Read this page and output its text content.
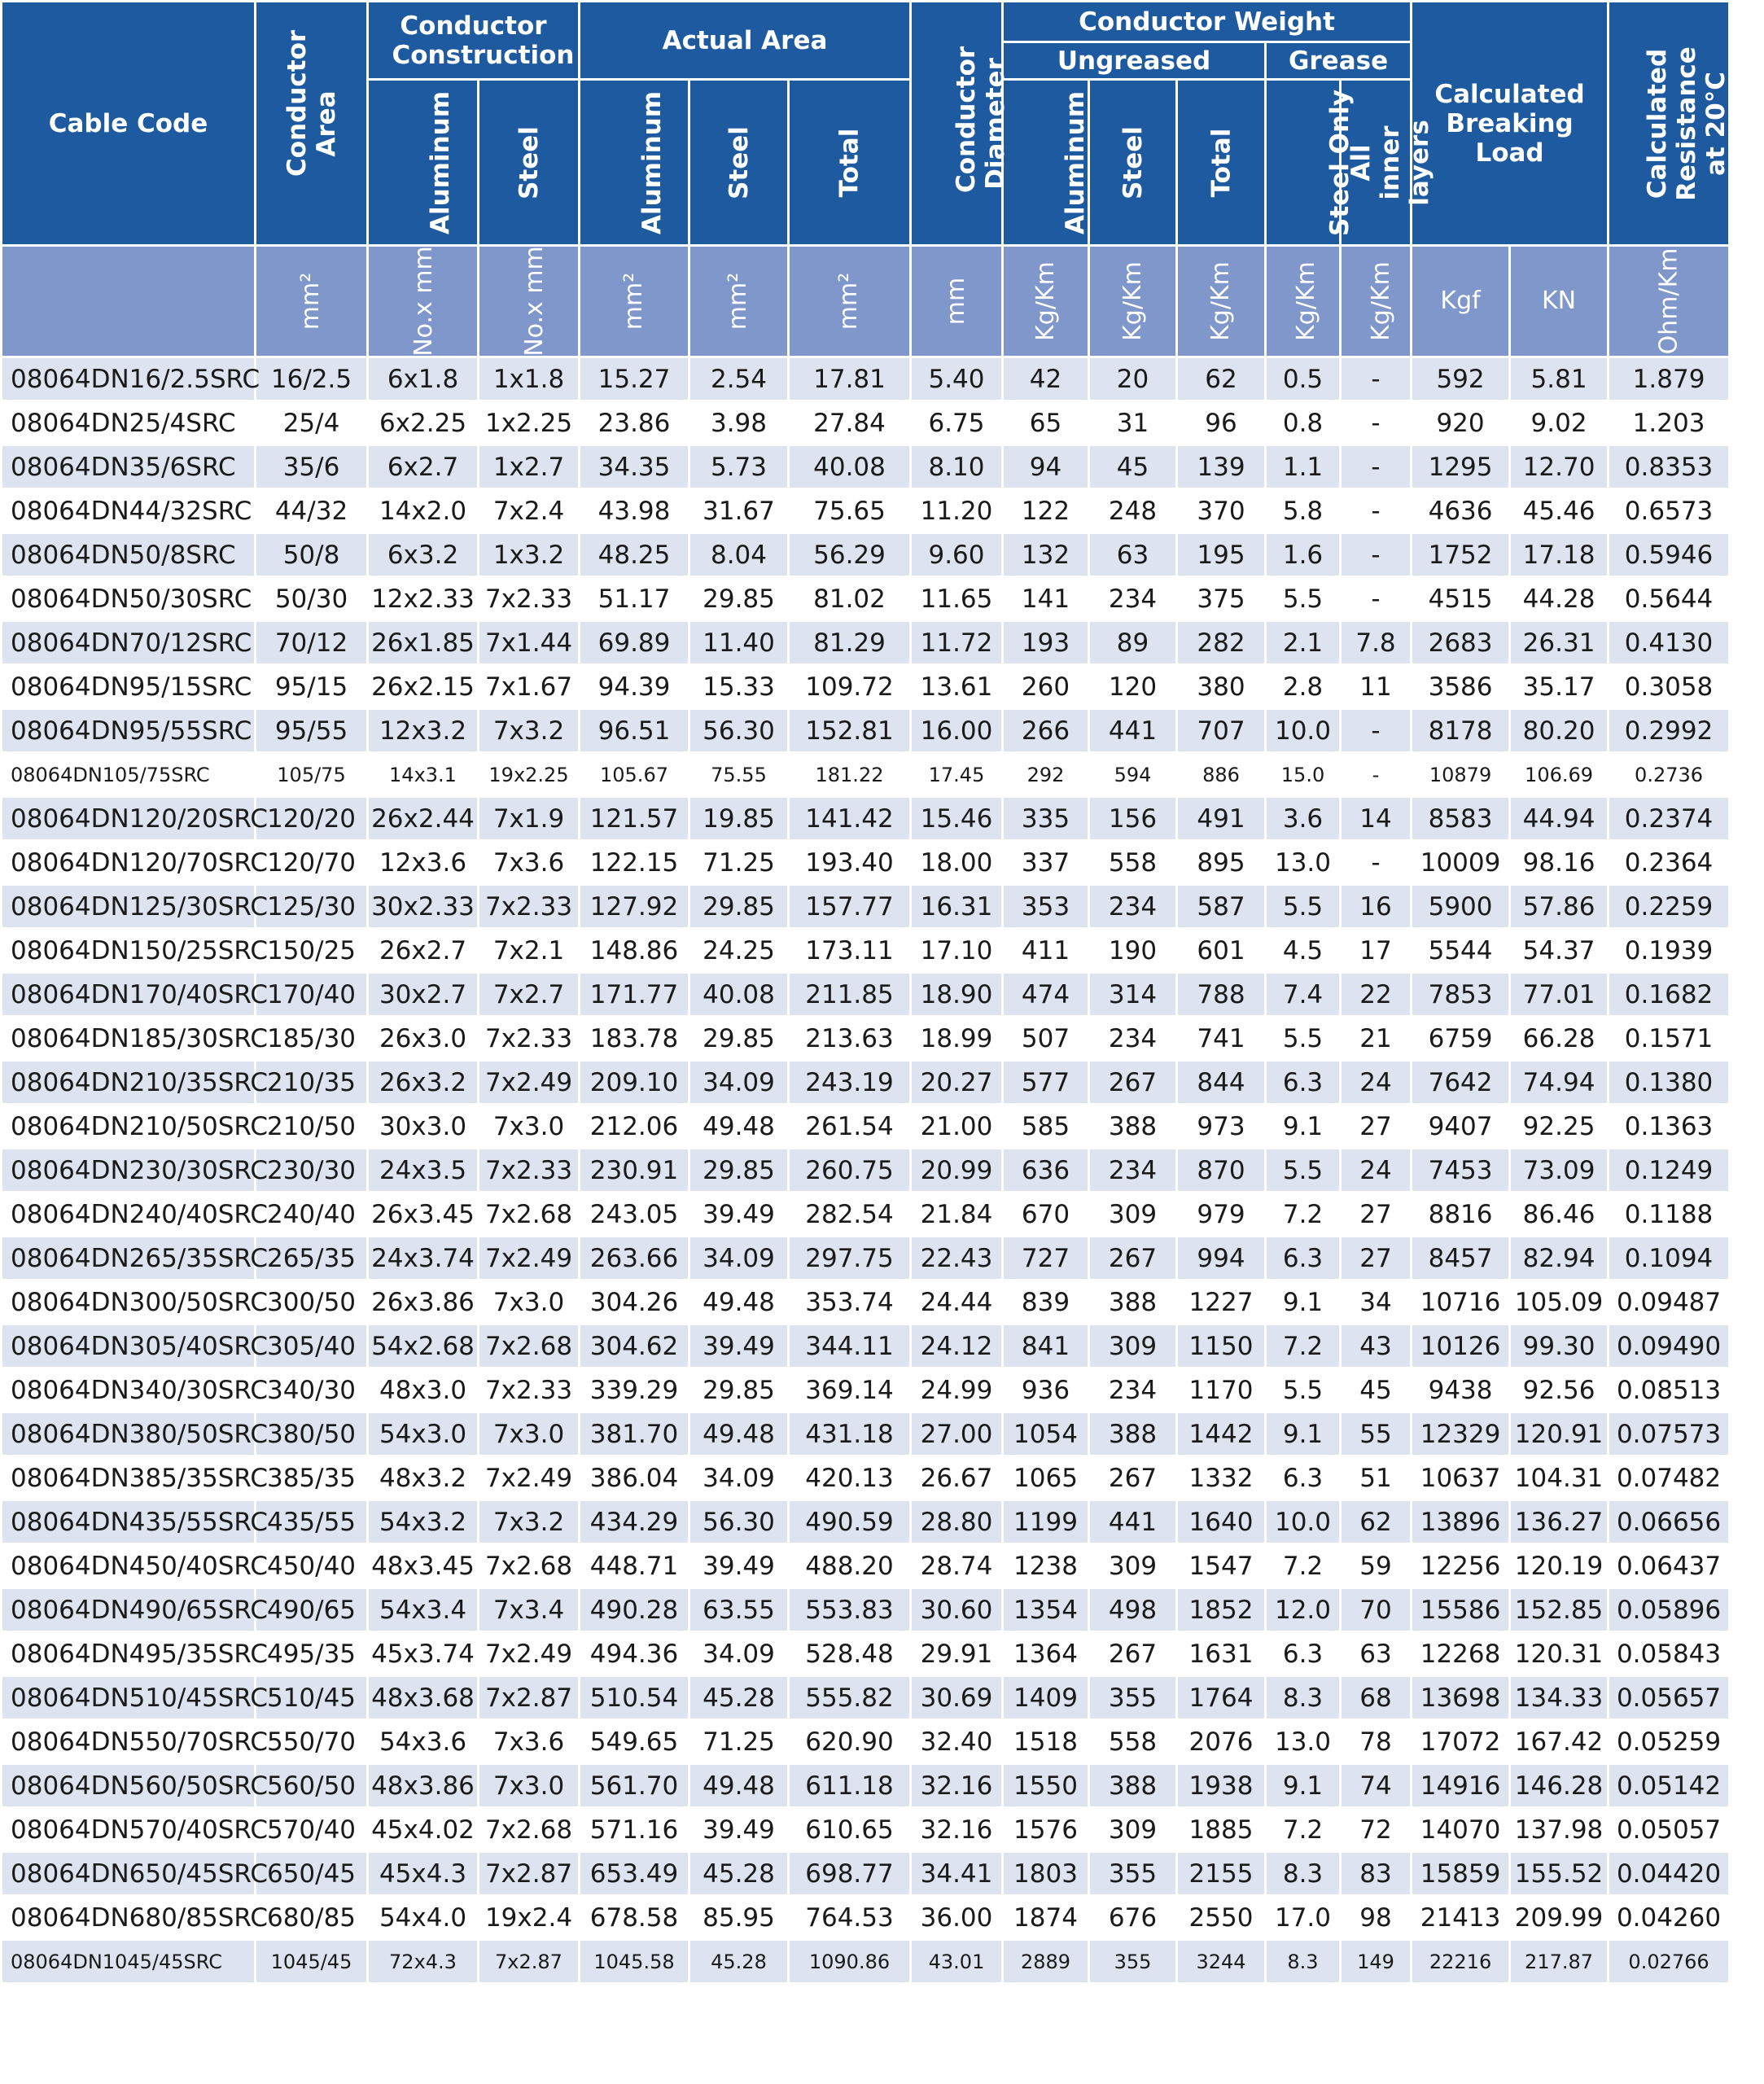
Cable Code	Conductor Area	Conductor Construction		Actual Area			Conductor Diameter	Conductor Weight					Calculated Breaking Load		Calculated Resistance at 20°C
								Ungreased			Grease				
		Aluminum	Steel	Aluminum	Steel	Total		Aluminum	Steel	Total	Steel Only	All inner layers			
	mm²	No.x mm	No.x mm	mm²	mm²	mm²	mm	Kg/Km	Kg/Km	Kg/Km	Kg/Km	Kg/Km	Kgf	KN	Ohm/Km
08064DN16/2.5SRC	16/2.5	6x1.8	1x1.8	15.27	2.54	17.81	5.40	42	20	62	0.5	-	592	5.81	1.879
08064DN25/4SRC	25/4	6x2.25	1x2.25	23.86	3.98	27.84	6.75	65	31	96	0.8	-	920	9.02	1.203
08064DN35/6SRC	35/6	6x2.7	1x2.7	34.35	5.73	40.08	8.10	94	45	139	1.1	-	1295	12.70	0.8353
08064DN44/32SRC	44/32	14x2.0	7x2.4	43.98	31.67	75.65	11.20	122	248	370	5.8	-	4636	45.46	0.6573
08064DN50/8SRC	50/8	6x3.2	1x3.2	48.25	8.04	56.29	9.60	132	63	195	1.6	-	1752	17.18	0.5946
08064DN50/30SRC	50/30	12x2.33	7x2.33	51.17	29.85	81.02	11.65	141	234	375	5.5	-	4515	44.28	0.5644
08064DN70/12SRC	70/12	26x1.85	7x1.44	69.89	11.40	81.29	11.72	193	89	282	2.1	7.8	2683	26.31	0.4130
08064DN95/15SRC	95/15	26x2.15	7x1.67	94.39	15.33	109.72	13.61	260	120	380	2.8	11	3586	35.17	0.3058
08064DN95/55SRC	95/55	12x3.2	7x3.2	96.51	56.30	152.81	16.00	266	441	707	10.0	-	8178	80.20	0.2992
08064DN105/75SRC	105/75	14x3.1	19x2.25	105.67	75.55	181.22	17.45	292	594	886	15.0	-	10879	106.69	0.2736
08064DN120/20SRC	120/20	26x2.44	7x1.9	121.57	19.85	141.42	15.46	335	156	491	3.6	14	8583	44.94	0.2374
08064DN120/70SRC	120/70	12x3.6	7x3.6	122.15	71.25	193.40	18.00	337	558	895	13.0	-	10009	98.16	0.2364
08064DN125/30SRC	125/30	30x2.33	7x2.33	127.92	29.85	157.77	16.31	353	234	587	5.5	16	5900	57.86	0.2259
08064DN150/25SRC	150/25	26x2.7	7x2.1	148.86	24.25	173.11	17.10	411	190	601	4.5	17	5544	54.37	0.1939
08064DN170/40SRC	170/40	30x2.7	7x2.7	171.77	40.08	211.85	18.90	474	314	788	7.4	22	7853	77.01	0.1682
08064DN185/30SRC	185/30	26x3.0	7x2.33	183.78	29.85	213.63	18.99	507	234	741	5.5	21	6759	66.28	0.1571
08064DN210/35SRC	210/35	26x3.2	7x2.49	209.10	34.09	243.19	20.27	577	267	844	6.3	24	7642	74.94	0.1380
08064DN210/50SRC	210/50	30x3.0	7x3.0	212.06	49.48	261.54	21.00	585	388	973	9.1	27	9407	92.25	0.1363
08064DN230/30SRC	230/30	24x3.5	7x2.33	230.91	29.85	260.75	20.99	636	234	870	5.5	24	7453	73.09	0.1249
08064DN240/40SRC	240/40	26x3.45	7x2.68	243.05	39.49	282.54	21.84	670	309	979	7.2	27	8816	86.46	0.1188
08064DN265/35SRC	265/35	24x3.74	7x2.49	263.66	34.09	297.75	22.43	727	267	994	6.3	27	8457	82.94	0.1094
08064DN300/50SRC	300/50	26x3.86	7x3.0	304.26	49.48	353.74	24.44	839	388	1227	9.1	34	10716	105.09	0.09487
08064DN305/40SRC	305/40	54x2.68	7x2.68	304.62	39.49	344.11	24.12	841	309	1150	7.2	43	10126	99.30	0.09490
08064DN340/30SRC	340/30	48x3.0	7x2.33	339.29	29.85	369.14	24.99	936	234	1170	5.5	45	9438	92.56	0.08513
08064DN380/50SRC	380/50	54x3.0	7x3.0	381.70	49.48	431.18	27.00	1054	388	1442	9.1	55	12329	120.91	0.07573
08064DN385/35SRC	385/35	48x3.2	7x2.49	386.04	34.09	420.13	26.67	1065	267	1332	6.3	51	10637	104.31	0.07482
08064DN435/55SRC	435/55	54x3.2	7x3.2	434.29	56.30	490.59	28.80	1199	441	1640	10.0	62	13896	136.27	0.06656
08064DN450/40SRC	450/40	48x3.45	7x2.68	448.71	39.49	488.20	28.74	1238	309	1547	7.2	59	12256	120.19	0.06437
08064DN490/65SRC	490/65	54x3.4	7x3.4	490.28	63.55	553.83	30.60	1354	498	1852	12.0	70	15586	152.85	0.05896
08064DN495/35SRC	495/35	45x3.74	7x2.49	494.36	34.09	528.48	29.91	1364	267	1631	6.3	63	12268	120.31	0.05843
08064DN510/45SRC	510/45	48x3.68	7x2.87	510.54	45.28	555.82	30.69	1409	355	1764	8.3	68	13698	134.33	0.05657
08064DN550/70SRC	550/70	54x3.6	7x3.6	549.65	71.25	620.90	32.40	1518	558	2076	13.0	78	17072	167.42	0.05259
08064DN560/50SRC	560/50	48x3.86	7x3.0	561.70	49.48	611.18	32.16	1550	388	1938	9.1	74	14916	146.28	0.05142
08064DN570/40SRC	570/40	45x4.02	7x2.68	571.16	39.49	610.65	32.16	1576	309	1885	7.2	72	14070	137.98	0.05057
08064DN650/45SRC	650/45	45x4.3	7x2.87	653.49	45.28	698.77	34.41	1803	355	2155	8.3	83	15859	155.52	0.04420
08064DN680/85SRC	680/85	54x4.0	19x2.4	678.58	85.95	764.53	36.00	1874	676	2550	17.0	98	21413	209.99	0.04260
08064DN1045/45SRC	1045/45	72x4.3	7x2.87	1045.58	45.28	1090.86	43.01	2889	355	3244	8.3	149	22216	217.87	0.02766
